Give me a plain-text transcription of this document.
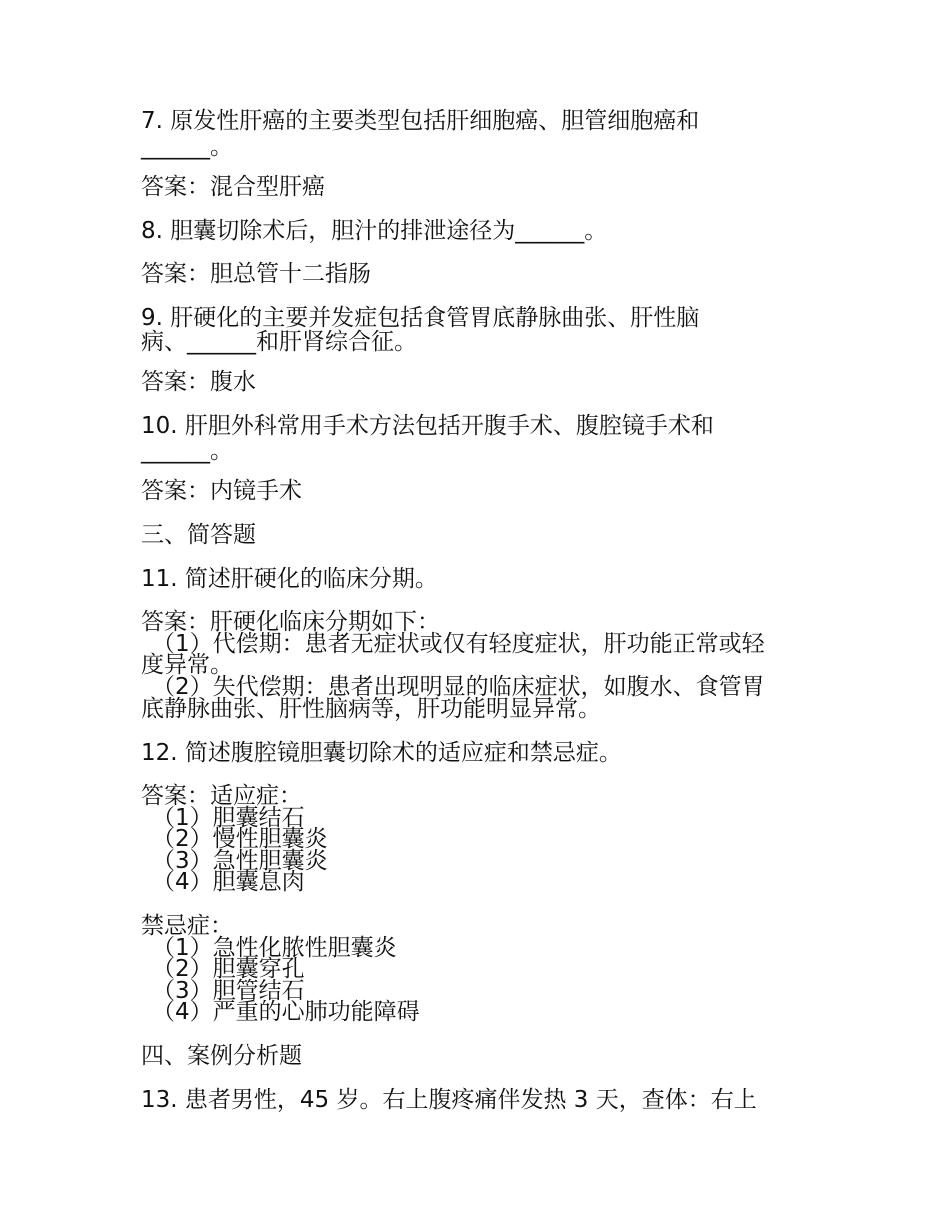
7. 原发性肝癌的主要类型包括肝细胞癌、胆管细胞癌和
______。
答案：混合型肝癌
8. 胆囊切除术后，胆汁的排泄途径为______。
答案：胆总管十二指肠
9. 肝硬化的主要并发症包括食管胃底静脉曲张、肝性脑
病、______和肝肾综合征。
答案：腹水
10. 肝胆外科常用手术方法包括开腹手术、腹腔镜手术和
______。
答案：内镜手术
三、简答题
11. 简述肝硬化的临床分期。
答案：肝硬化临床分期如下：
（1）代偿期：患者无症状或仅有轻度症状，肝功能正常或轻
度异常。
（2）失代偿期：患者出现明显的临床症状，如腹水、食管胃
底静脉曲张、肝性脑病等，肝功能明显异常。
12. 简述腹腔镜胆囊切除术的适应症和禁忌症。
答案：适应症：
（1）胆囊结石
（2）慢性胆囊炎
（3）急性胆囊炎
（4）胆囊息肉
禁忌症：
（1）急性化脓性胆囊炎
（2）胆囊穿孔
（3）胆管结石
（4）严重的心肺功能障碍
四、案例分析题
13. 患者男性，45 岁。右上腹疼痛伴发热 3 天，查体：右上
